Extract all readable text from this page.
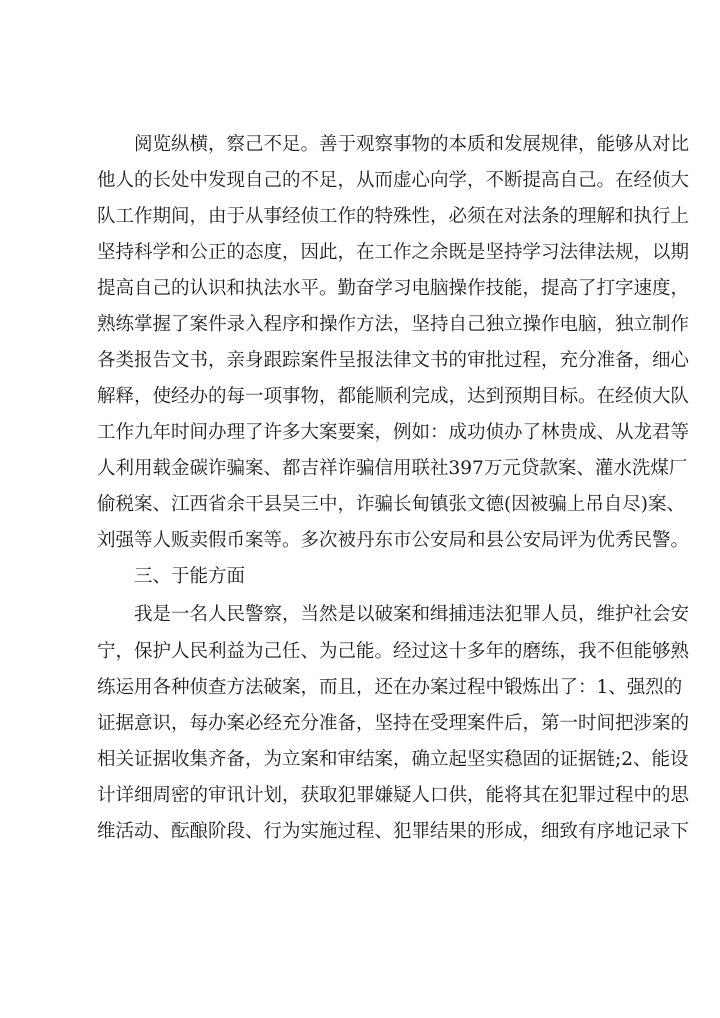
阅览纵横，察己不足。善于观察事物的本质和发展规律，能够从对比
他人的长处中发现自己的不足，从而虚心向学，不断提高自己。在经侦大
队工作期间，由于从事经侦工作的特殊性，必须在对法条的理解和执行上
坚持科学和公正的态度，因此，在工作之余既是坚持学习法律法规，以期
提高自己的认识和执法水平。勤奋学习电脑操作技能，提高了打字速度，
熟练掌握了案件录入程序和操作方法，坚持自己独立操作电脑，独立制作
各类报告文书，亲身跟踪案件呈报法律文书的审批过程，充分准备，细心
解释，使经办的每一项事物，都能顺利完成，达到预期目标。在经侦大队
工作九年时间办理了许多大案要案，例如：成功侦办了林贵成、从龙君等
人利用载金碳诈骗案、都吉祥诈骗信用联社397万元贷款案、灌水洗煤厂
偷税案、江西省余干县吴三中，诈骗长甸镇张文德(因被骗上吊自尽)案、
刘强等人贩卖假币案等。多次被丹东市公安局和县公安局评为优秀民警。
三、于能方面
我是一名人民警察，当然是以破案和缉捕违法犯罪人员，维护社会安
宁，保护人民利益为己任、为己能。经过这十多年的磨练，我不但能够熟
练运用各种侦查方法破案，而且，还在办案过程中锻炼出了：1、强烈的
证据意识，每办案必经充分准备，坚持在受理案件后，第一时间把涉案的
相关证据收集齐备，为立案和审结案，确立起坚实稳固的证据链;2、能设
计详细周密的审讯计划，获取犯罪嫌疑人口供，能将其在犯罪过程中的思
维活动、酝酿阶段、行为实施过程、犯罪结果的形成，细致有序地记录下
